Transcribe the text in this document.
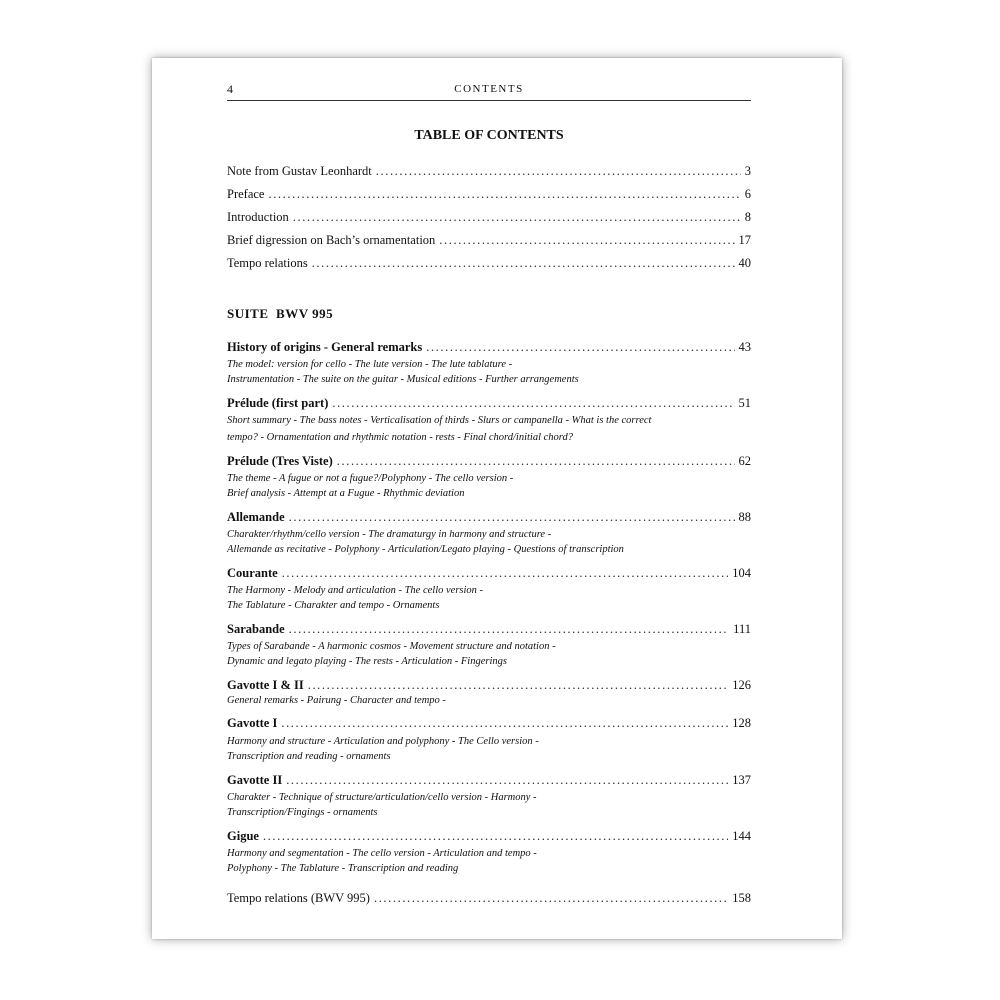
4	CONTENTS
TABLE OF CONTENTS
Note from Gustav Leonhardt .....	3
Preface .....	6
Introduction .....	8
Brief digression on Bach’s ornamentation .....	17
Tempo relations .....	40
SUITE  BWV 995
History of origins - General remarks .....	43
The model: version for cello - The lute version - The lute tablature -
Instrumentation - The suite on the guitar - Musical editions - Further arrangements
Prélude (first part) .....	51
Short summary - The bass notes - Verticalisation of thirds - Slurs or campanella - What is the correct
tempo? - Ornamentation and rhythmic notation - rests - Final chord/initial chord?
Prélude (Tres Viste) .....	62
The theme - A fugue or not a fugue?/Polyphony - The cello version -
Brief analysis - Attempt at a Fugue - Rhythmic deviation
Allemande .....	88
Charakter/rhythm/cello version - The dramaturgy in harmony and structure -
Allemande as recitative - Polyphony - Articulation/Legato playing - Questions of transcription
Courante .....	104
The Harmony - Melody and articulation - The cello version -
The Tablature - Charakter and tempo - Ornaments
Sarabande .....	111
Types of Sarabande - A harmonic cosmos - Movement structure and notation -
Dynamic and legato playing - The rests - Articulation - Fingerings
Gavotte I & II .....	126
General remarks - Pairung - Character and tempo -
Gavotte I .....	128
Harmony and structure - Articulation and polyphony - The Cello version -
Transcription and reading - ornaments
Gavotte II .....	137
Charakter - Technique of structure/articulation/cello version - Harmony -
Transcription/Fingings - ornaments
Gigue .....	144
Harmony and segmentation - The cello version - Articulation and tempo -
Polyphony - The Tablature - Transcription and reading
Tempo relations (BWV 995) .....	158
